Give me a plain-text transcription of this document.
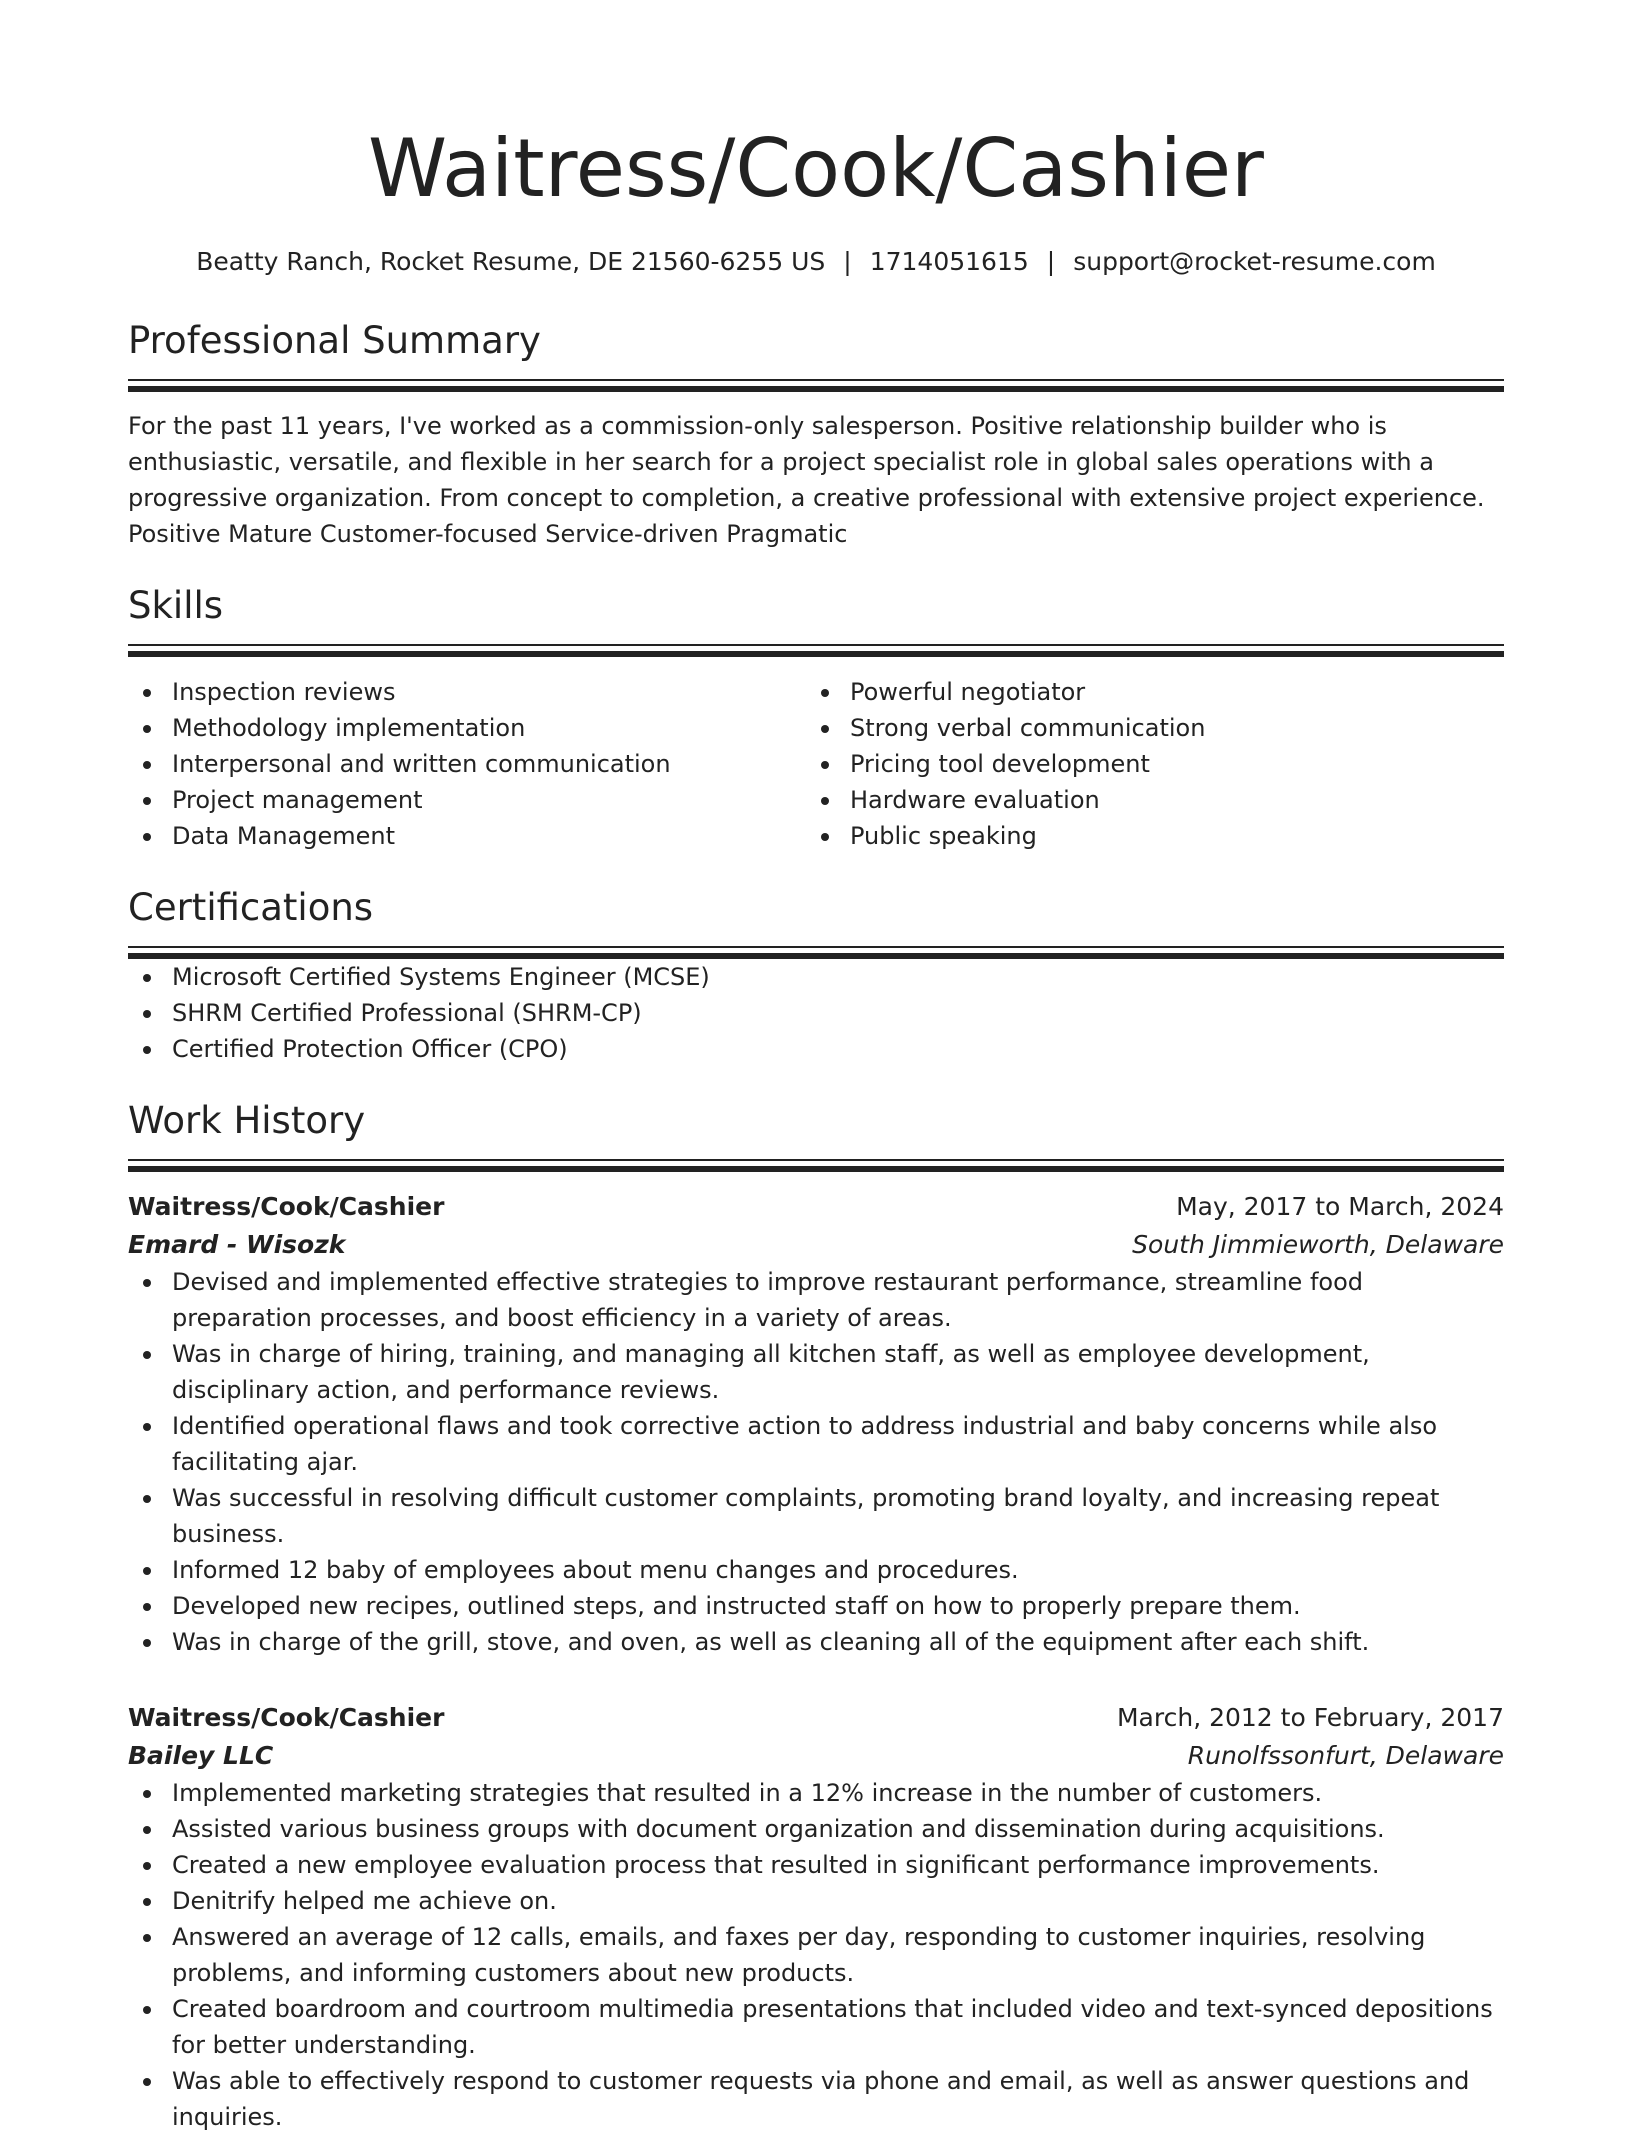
Waitress/Cook/Cashier
Beatty Ranch, Rocket Resume, DE 21560-6255 US | 1714051615 | support@rocket-resume.com
Professional Summary

For the past 11 years, I've worked as a commission-only salesperson. Positive relationship builder who is enthusiastic, versatile, and flexible in her search for a project specialist role in global sales operations with a progressive organization. From concept to completion, a creative professional with extensive project experience. Positive Mature Customer-focused Service-driven Pragmatic

Skills
Inspection reviews
Methodology implementation
Interpersonal and written communication
Project management
Data Management
Powerful negotiator
Strong verbal communication
Pricing tool development
Hardware evaluation
Public speaking
Certifications
Microsoft Certified Systems Engineer (MCSE)
SHRM Certified Professional (SHRM-CP)
Certified Protection Officer (CPO)
Work History
Waitress/Cook/Cashier	May, 2017 to March, 2024
Emard - Wisozk	South Jimmieworth, Delaware
Devised and implemented effective strategies to improve restaurant performance, streamline food preparation processes, and boost efficiency in a variety of areas.
Was in charge of hiring, training, and managing all kitchen staff, as well as employee development, disciplinary action, and performance reviews.
Identified operational flaws and took corrective action to address industrial and baby concerns while also facilitating ajar.
Was successful in resolving difficult customer complaints, promoting brand loyalty, and increasing repeat business.
Informed 12 baby of employees about menu changes and procedures.
Developed new recipes, outlined steps, and instructed staff on how to properly prepare them.
Was in charge of the grill, stove, and oven, as well as cleaning all of the equipment after each shift.
Waitress/Cook/Cashier	March, 2012 to February, 2017
Bailey LLC	Runolfssonfurt, Delaware
Implemented marketing strategies that resulted in a 12% increase in the number of customers.
Assisted various business groups with document organization and dissemination during acquisitions.
Created a new employee evaluation process that resulted in significant performance improvements.
Denitrify helped me achieve on.
Answered an average of 12 calls, emails, and faxes per day, responding to customer inquiries, resolving problems, and informing customers about new products.
Created boardroom and courtroom multimedia presentations that included video and text-synced depositions for better understanding.
Was able to effectively respond to customer requests via phone and email, as well as answer questions and inquiries.
